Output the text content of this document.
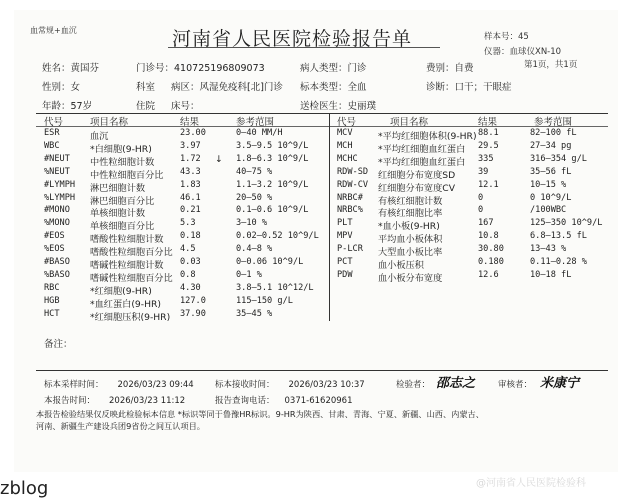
血常规+血沉	河南省人民医院检验报告单	样本号：45
仪器：血球仪XN-10
第1页，共1页
姓名：黄国芬	门诊号：410725196809073	病人类型：门诊	费别：自费
性别：女	科室 病区：风湿免疫科[北]门诊 标本类型：全血	诊断：口干；干眼症
年龄：57岁	住院 床号：	送检医生：史丽璞
代号	项目名称	结果	参考范围	代号	项目名称	结果	参考范围
ESR	血沉	23.00	0—40 MM/H
WBC	*白细胞(9-HR)	3.97	3.5—9.5 10^9/L
#NEUT 中性粒细胞计数	1.72 ↓ 1.8—6.3 10^9/L
%NEUT 中性粒细胞百分比 43.3	40—75 %
#LYMPH 淋巴细胞计数	1.83	1.1—3.2 10^9/L
%LYMPH 淋巴细胞百分比	46.1	20—50 %
#MONO 单核细胞计数	0.21	0.1—0.6 10^9/L
%MONO 单核细胞百分比	5.3	3—10 %
#EOS	嗜酸性粒细胞计数 0.18	0.02—0.52 10^9/L
%EOS	嗜酸性粒细胞百分比 4.5	0.4—8 %
#BASO 嗜碱性粒细胞计数 0.03	0—0.06 10^9/L
%BASO 嗜碱性粒细胞百分比 0.8	0—1 %
RBC	*红细胞(9-HR)	4.30	3.8—5.1 10^12/L
HGB	*血红蛋白(9-HR) 127.0	115—150 g/L
HCT	*红细胞压积(9-HR) 37.90	35—45 %
MCV	*平均红细胞体积(9-HR) 88.1	82—100 fL
MCH	*平均红细胞血红蛋白	29.5	27—34 pg
MCHC *平均红细胞血红蛋白	335	316—354 g/L
RDW-SD 红细胞分布宽度SD	39	35—56 fL
RDW-CV 红细胞分布宽度CV	12.1	10—15 %
NRBC# 有核红细胞计数	0	0 10^9/L
NRBC% 有核红细胞比率	0	/100WBC
PLT	*血小板(9-HR)	167	125—350 10^9/L
MPV	平均血小板体积	10.8	6.8—13.5 fL
P-LCR 大型血小板比率	30.80	13—43 %
PCT	血小板压积	0.180	0.11—0.28 %
PDW	血小板分布宽度	12.6	10—18 fL
备注：
标本采样时间： 2026/03/23 09:44	标本接收时间： 2026/03/23 10:37	检验者： 邵志之	审核者： 米康宁
本报告时间： 2026/03/23 11:12	报告查询电话： 0371-61620961
本报告检验结果仅反映此检验标本信息 *标识等同于鲁豫HR标识。9-HR为陕西、甘肃、青海、宁夏、新疆、山西、内蒙古、
河南、新疆生产建设兵团9省份之间互认项目。
@河南省人民医院检验科
zblog
